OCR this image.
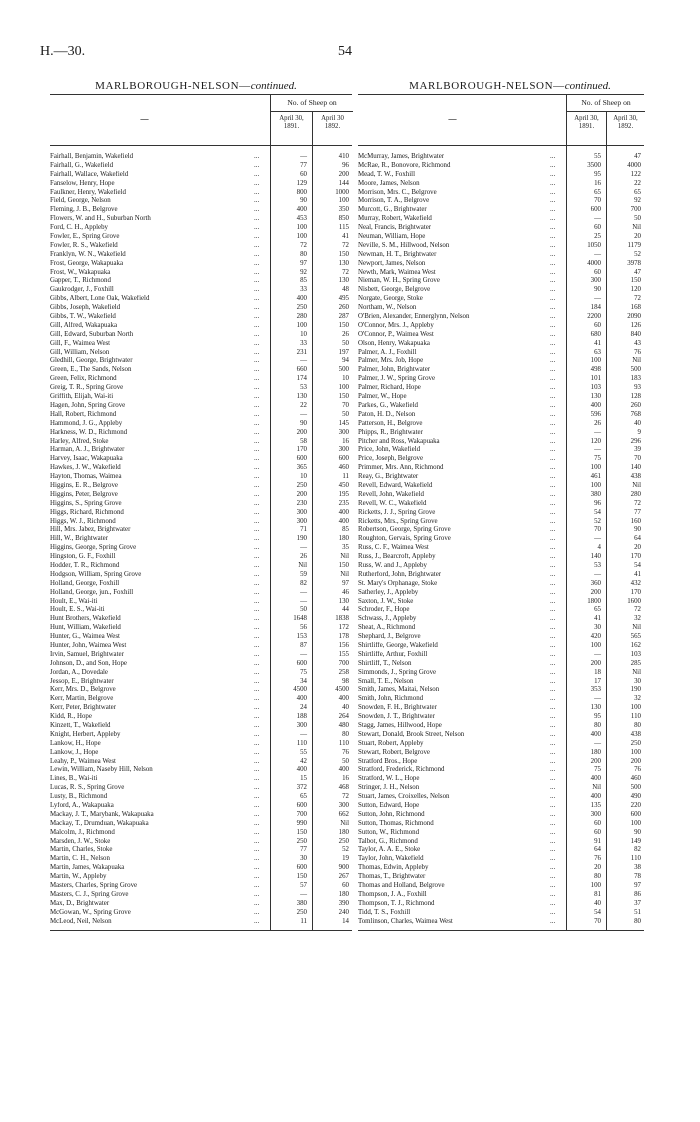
H.—30.	54
MARLBOROUGH-NELSON—continued.	MARLBOROUGH-NELSON—continued.
—
No. of Sheep on
April 30,
1891.
April 30
1892.
Fairhall, Benjamin, Wakefield	...	—	410
Fairhall, G., Wakefield	...	77	96
Fairhall, Wallace, Wakefield	...	60	200
Fanselow, Henry, Hope	...	129	144
Faulkner, Henry, Wakefield	...	800	1000
Field, George, Nelson	...	90	100
Fleming, J. B., Belgrove	...	400	350
Flowers, W. and H., Suburban North	...	453	850
Ford, C. H., Appleby	...	100	115
Fowler, E., Spring Grove	...	100	41
Fowler, R. S., Wakefield	...	72	72
Franklyn, W. N., Wakefield	...	80	150
Frost, George, Wakapuaka	...	97	130
Frost, W., Wakapuaka	...	92	72
Gapper, T., Richmond	...	85	130
Gaukrodger, J., Foxhill	...	33	48
Gibbs, Albert, Lone Oak, Wakefield	...	400	495
Gibbs, Joseph, Wakefield	...	250	260
Gibbs, T. W., Wakefield	...	280	287
Gill, Alfred, Wakapuaka	...	100	150
Gill, Edward, Suburban North	...	10	26
Gill, F., Waimea West	...	33	50
Gill, William, Nelson	...	231	197
Gledhill, George, Brightwater	...	—	94
Green, E., The Sands, Nelson	...	660	500
Green, Felix, Richmond	...	174	10
Greig, T. R., Spring Grove	...	53	100
Griffith, Elijah, Wai-iti	...	130	150
Hagen, John, Spring Grove	...	22	70
Hall, Robert, Richmond	...	—	50
Hammond, J. G., Appleby	...	90	145
Harkness, W. D., Richmond	...	200	300
Harley, Alfred, Stoke	...	58	16
Harman, A. J., Brightwater	...	170	300
Harvey, Isaac, Wakapuaka	...	600	600
Hawkes, J. W., Wakefield	...	365	460
Hayton, Thomas, Waimea	...	10	11
Higgins, E. R., Belgrove	...	250	450
Higgins, Peter, Belgrove	...	200	195
Higgins, S., Spring Grove	...	230	235
Higgs, Richard, Richmond	...	300	400
Higgs, W. J., Richmond	...	300	400
Hill, Mrs. Jabez, Brightwater	...	71	85
Hill, W., Brightwater	...	190	180
Higgins, George, Spring Grove	...	—	35
Hingston, G. F., Foxhill	...	26	Nil
Hodder, T. R., Richmond	...	Nil	150
Hodgson, William, Spring Grove	...	59	Nil
Holland, George, Foxhill	...	82	97
Holland, George, jun., Foxhill	...	—	46
Hoult, E., Wai-iti	...	—	130
Hoult, E. S., Wai-iti	...	50	44
Hunt Brothers, Wakefield	...	1648	1838
Hunt, William, Wakefield	...	56	172
Hunter, G., Waimea West	...	153	178
Hunter, John, Waimea West	...	87	156
Irvin, Samuel, Brightwater	...	—	155
Johnson, D., and Son, Hope	...	600	700
Jordan, A., Dovedale	...	75	258
Jessop, E., Brightwater	...	34	98
Kerr, Mrs. D., Belgrove	...	4500	4500
Kerr, Martin, Belgrove	...	400	400
Kerr, Peter, Brightwater	...	24	40
Kidd, R., Hope	...	188	264
Kinzett, T., Wakefield	...	300	480
Knight, Herbert, Appleby	...	—	80
Lankow, H., Hope	...	110	110
Lankow, J., Hope	...	55	76
Leahy, P., Waimea West	...	42	50
Lewin, William, Naseby Hill, Nelson	...	400	400
Lines, B., Wai-iti	...	15	16
Lucas, R. S., Spring Grove	...	372	468
Lusty, B., Richmond	...	65	72
Lyford, A., Wakapuaka	...	600	300
Mackay, J. T., Marybank, Wakapuaka	...	700	662
Mackay, T., Drumduan, Wakapuaka	...	990	Nil
Malcolm, J., Richmond	...	150	180
Marsden, J. W., Stoke	...	250	250
Martin, Charles, Stoke	...	77	52
Martin, C. H., Nelson	...	30	19
Martin, James, Wakapuaka	...	600	900
Martin, W., Appleby	...	150	267
Masters, Charles, Spring Grove	...	57	60
Masters, C. J., Spring Grove	...	—	180
Max, D., Brightwater	...	380	390
McGowan, W., Spring Grove	...	250	240
McLeod, Neil, Nelson	...	11	14
—
No. of Sheep on
April 30,
1891.
April 30,
1892.
McMurray, James, Brightwater	...	55	47
McRae, R., Bonovore, Richmond	...	3500	4000
Mead, T. W., Foxhill	...	95	122
Moore, James, Nelson	...	16	22
Morrison, Mrs. C., Belgrove	...	65	65
Morrison, T. A., Belgrove	...	70	92
Murcott, G., Brightwater	...	600	700
Murray, Robert, Wakefield	...	—	50
Neal, Francis, Brightwater	...	60	Nil
Neuman, William, Hope	...	25	20
Neville, S. M., Hillwood, Nelson	...	1050	1179
Newman, H. T., Brightwater	...	—	52
Newport, James, Nelson	...	4000	3978
Newth, Mark, Waimea West	...	60	47
Nieman, W. H., Spring Grove	...	300	150
Nisbett, George, Belgrove	...	90	120
Norgate, George, Stoke	...	—	72
Northam, W., Nelson	...	184	168
O'Brien, Alexander, Ennerglynn, Nelson	...	2200	2090
O'Connor, Mrs. J., Appleby	...	60	126
O'Connor, P., Waimea West	...	680	840
Olson, Henry, Wakapuaka	...	41	43
Palmer, A. J., Foxhill	...	63	76
Palmer, Mrs. Job, Hope	...	100	Nil
Palmer, John, Brightwater	...	498	500
Palmer, J. W., Spring Grove	...	101	183
Palmer, Richard, Hope	...	103	93
Palmer, W., Hope	...	130	128
Parkes, G., Wakefield	...	400	260
Paton, H. D., Nelson	...	596	768
Patterson, H., Belgrove	...	26	40
Phipps, R., Brightwater	...	—	9
Pitcher and Ross, Wakapuaka	...	120	296
Price, John, Wakefield	...	—	39
Price, Joseph, Belgrove	...	75	70
Primmer, Mrs. Ann, Richmond	...	100	140
Reay, G., Brightwater	...	461	438
Revell, Edward, Wakefield	...	100	Nil
Revell, John, Wakefield	...	380	280
Revell, W. C., Wakefield	...	96	72
Ricketts, J. J., Spring Grove	...	54	77
Ricketts, Mrs., Spring Grove	...	52	160
Robertson, George, Spring Grove	...	70	90
Roughton, Gervais, Spring Grove	...	—	64
Russ, C. F., Waimea West	...	4	20
Russ, J., Bearcroft, Appleby	...	140	170
Russ, W. and J., Appleby	...	53	54
Rutherford, John, Brightwater	...	—	41
St. Mary's Orphanage, Stoke	...	360	432
Satherley, J., Appleby	...	200	170
Saxton, J. W., Stoke	...	1800	1600
Schroder, F., Hope	...	65	72
Schwass, J., Appleby	...	41	32
Sheat, A., Richmond	...	30	Nil
Shephard, J., Belgrove	...	420	565
Shirtliffe, George, Wakefield	...	100	162
Shirtliffe, Arthur, Foxhill	...	—	103
Shirtliff, T., Nelson	...	200	285
Simmonds, J., Spring Grove	...	18	Nil
Small, T. E., Nelson	...	17	30
Smith, James, Maitai, Nelson	...	353	190
Smith, John, Richmond	...	—	32
Snowden, F. H., Brightwater	...	130	100
Snowden, J. T., Brightwater	...	95	110
Stagg, James, Hillwood, Hope	...	80	80
Stewart, Donald, Brook Street, Nelson	...	400	438
Stuart, Robert, Appleby	...	—	250
Stewart, Robert, Belgrove	...	180	100
Stratford Bros., Hope	...	200	200
Stratford, Frederick, Richmond	...	75	76
Stratford, W. L., Hope	...	400	460
Stringer, J. H., Nelson	...	Nil	500
Stuart, James, Croixelles, Nelson	...	400	490
Sutton, Edward, Hope	...	135	220
Sutton, John, Richmond	...	300	600
Sutton, Thomas, Richmond	...	60	100
Sutton, W., Richmond	...	60	90
Talbot, G., Richmond	...	91	149
Taylor, A. A. E., Stoke	...	64	82
Taylor, John, Wakefield	...	76	110
Thomas, Edwin, Appleby	...	20	38
Thomas, T., Brightwater	...	80	78
Thomas and Holland, Belgrove	...	100	97
Thompson, J. A., Foxhill	...	81	86
Thompson, T. J., Richmond	...	40	37
Tidd, T. S., Foxhill	...	54	51
Tomlinson, Charles, Waimea West	...	70	80
